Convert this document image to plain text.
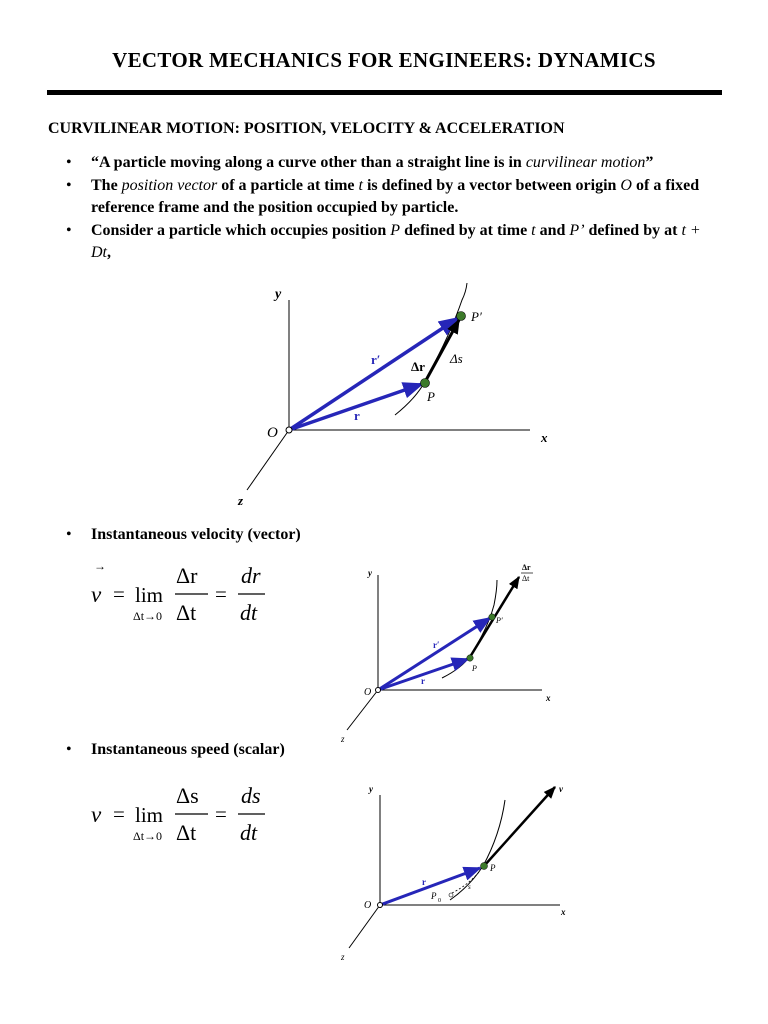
VECTOR MECHANICS FOR ENGINEERS: DYNAMICS
CURVILINEAR MOTION: POSITION, VELOCITY & ACCELERATION
• “A particle moving along a curve other than a straight line is in curvilinear motion”
• The position vector of a particle at time t is defined by a vector between origin O of a fixed reference frame and the position occupied by particle.
• Consider a particle which occupies position P defined by at time t and P’ defined by at t + Dt,
y
x
z
O
P
P′
r
r′ Δr
Δs
• Instantaneous velocity (vector)
→
v = lim
Δt→0
Δr
Δt
=
dr
dt
y
x
z
O
P
P′
r
r′
Δr
Δt
• Instantaneous speed (scalar)
v = lim
Δt→0
Δs
Δt
=
ds
dt
y
x
z
O
P
P 0
r	s
v
